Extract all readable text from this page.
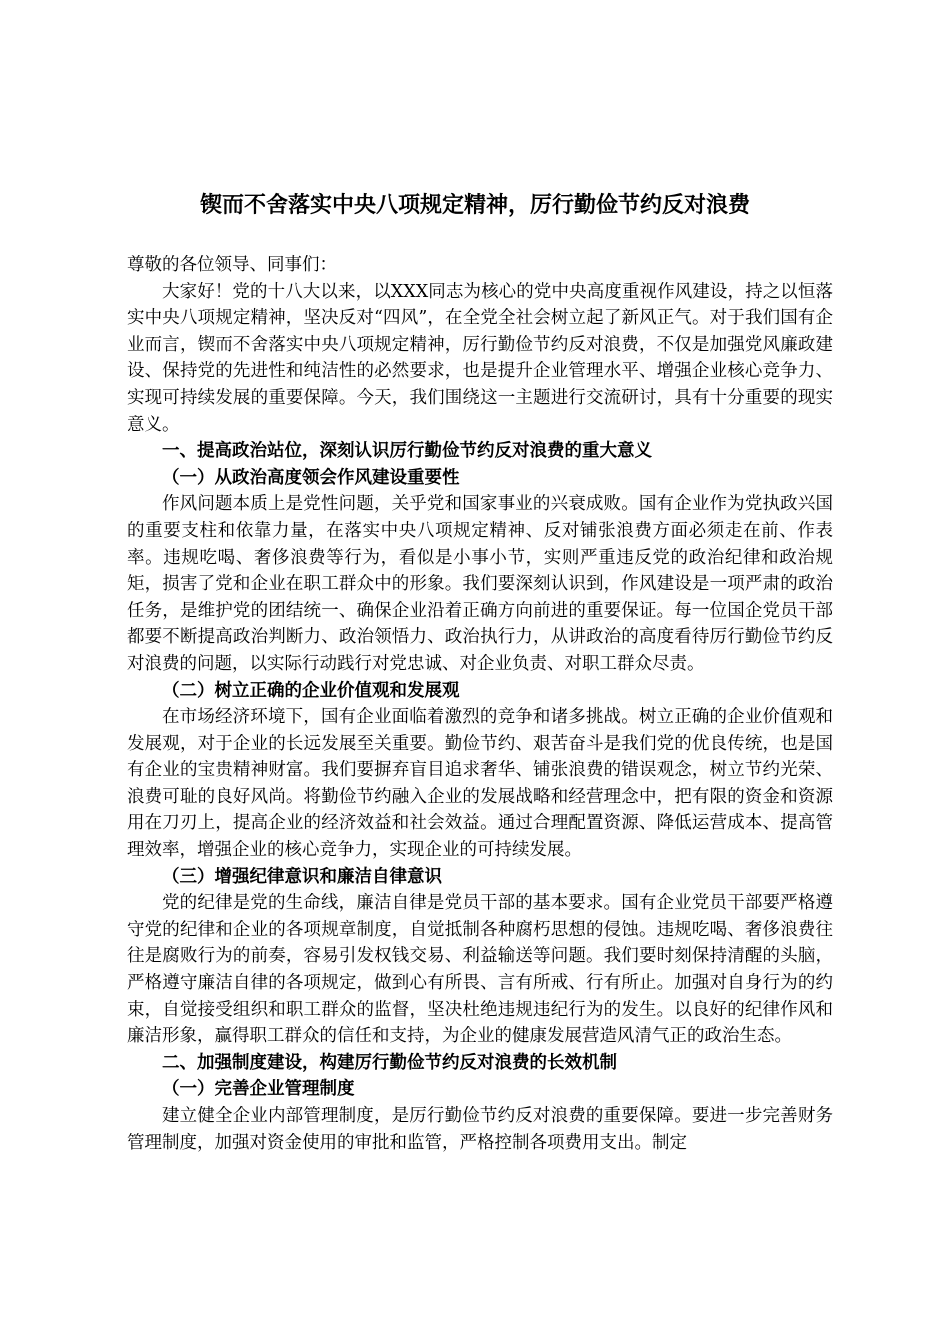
锲而不舍落实中央八项规定精神，厉行勤俭节约反对浪费

尊敬的各位领导、同事们：

大家好！党的十八大以来，以XXX同志为核心的党中央高度重视作风建设，持之以恒落实中央八项规定精神，坚决反对“四风”，在全党全社会树立起了新风正气。对于我们国有企业而言，锲而不舍落实中央八项规定精神，厉行勤俭节约反对浪费，不仅是加强党风廉政建设、保持党的先进性和纯洁性的必然要求，也是提升企业管理水平、增强企业核心竞争力、实现可持续发展的重要保障。今天，我们围绕这一主题进行交流研讨，具有十分重要的现实意义。

一、提高政治站位，深刻认识厉行勤俭节约反对浪费的重大意义

（一）从政治高度领会作风建设重要性

作风问题本质上是党性问题，关乎党和国家事业的兴衰成败。国有企业作为党执政兴国的重要支柱和依靠力量，在落实中央八项规定精神、反对铺张浪费方面必须走在前、作表率。违规吃喝、奢侈浪费等行为，看似是小事小节，实则严重违反党的政治纪律和政治规矩，损害了党和企业在职工群众中的形象。我们要深刻认识到，作风建设是一项严肃的政治任务，是维护党的团结统一、确保企业沿着正确方向前进的重要保证。每一位国企党员干部都要不断提高政治判断力、政治领悟力、政治执行力，从讲政治的高度看待厉行勤俭节约反对浪费的问题，以实际行动践行对党忠诚、对企业负责、对职工群众尽责。

（二）树立正确的企业价值观和发展观

在市场经济环境下，国有企业面临着激烈的竞争和诸多挑战。树立正确的企业价值观和发展观，对于企业的长远发展至关重要。勤俭节约、艰苦奋斗是我们党的优良传统，也是国有企业的宝贵精神财富。我们要摒弃盲目追求奢华、铺张浪费的错误观念，树立节约光荣、浪费可耻的良好风尚。将勤俭节约融入企业的发展战略和经营理念中，把有限的资金和资源用在刀刃上，提高企业的经济效益和社会效益。通过合理配置资源、降低运营成本、提高管理效率，增强企业的核心竞争力，实现企业的可持续发展。

（三）增强纪律意识和廉洁自律意识

党的纪律是党的生命线，廉洁自律是党员干部的基本要求。国有企业党员干部要严格遵守党的纪律和企业的各项规章制度，自觉抵制各种腐朽思想的侵蚀。违规吃喝、奢侈浪费往往是腐败行为的前奏，容易引发权钱交易、利益输送等问题。我们要时刻保持清醒的头脑，严格遵守廉洁自律的各项规定，做到心有所畏、言有所戒、行有所止。加强对自身行为的约束，自觉接受组织和职工群众的监督，坚决杜绝违规违纪行为的发生。以良好的纪律作风和廉洁形象，赢得职工群众的信任和支持，为企业的健康发展营造风清气正的政治生态。

二、加强制度建设，构建厉行勤俭节约反对浪费的长效机制

（一）完善企业管理制度

建立健全企业内部管理制度，是厉行勤俭节约反对浪费的重要保障。要进一步完善财务管理制度，加强对资金使用的审批和监管，严格控制各项费用支出。制定
